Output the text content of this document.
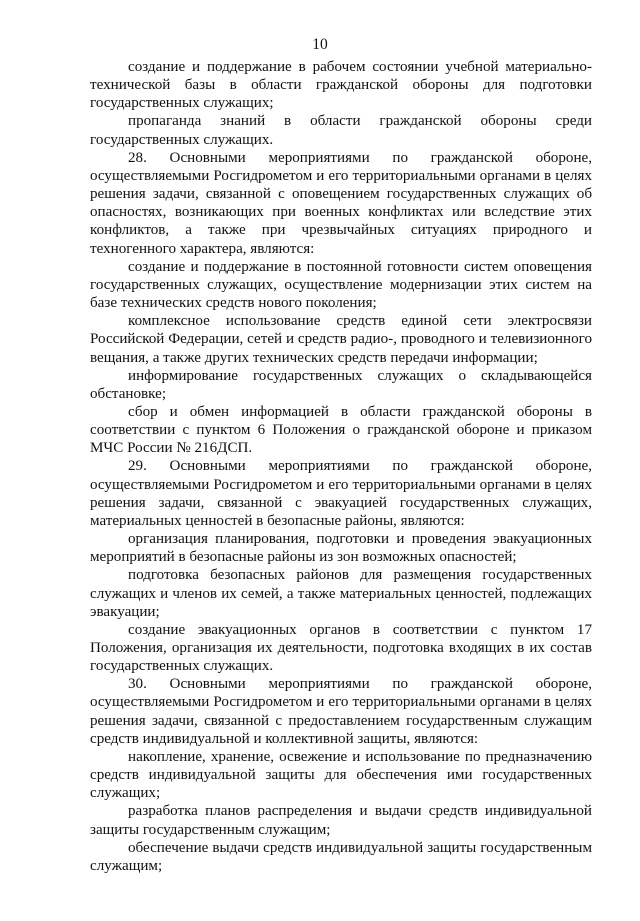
10

создание и поддержание в рабочем состоянии учебной материально-технической базы в области гражданской обороны для подготовки государственных служащих;

пропаганда знаний в области гражданской обороны среди государственных служащих.

28. Основными мероприятиями по гражданской обороне, осуществляемыми Росгидрометом и его территориальными органами в целях решения задачи, связанной с оповещением государственных служащих об опасностях, возникающих при военных конфликтах или вследствие этих конфликтов, а также при чрезвычайных ситуациях природного и техногенного характера, являются:

создание и поддержание в постоянной готовности систем оповещения государственных служащих, осуществление модернизации этих систем на базе технических средств нового поколения;

комплексное использование средств единой сети электросвязи Российской Федерации, сетей и средств радио-, проводного и телевизионного вещания, а также других технических средств передачи информации;

информирование государственных служащих о складывающейся обстановке;

сбор и обмен информацией в области гражданской обороны в соответствии с пунктом 6 Положения о гражданской обороне и приказом МЧС России № 216ДСП.

29. Основными мероприятиями по гражданской обороне, осуществляемыми Росгидрометом и его территориальными органами в целях решения задачи, связанной с эвакуацией государственных служащих, материальных ценностей в безопасные районы, являются:

организация планирования, подготовки и проведения эвакуационных мероприятий в безопасные районы из зон возможных опасностей;

подготовка безопасных районов для размещения государственных служащих и членов их семей, а также материальных ценностей, подлежащих эвакуации;

создание эвакуационных органов в соответствии с пунктом 17 Положения, организация их деятельности, подготовка входящих в их состав государственных служащих.

30. Основными мероприятиями по гражданской обороне, осуществляемыми Росгидрометом и его территориальными органами в целях решения задачи, связанной с предоставлением государственным служащим средств индивидуальной и коллективной защиты, являются:

накопление, хранение, освежение и использование по предназначению средств индивидуальной защиты для обеспечения ими государственных служащих;

разработка планов распределения и выдачи средств индивидуальной защиты государственным служащим;

обеспечение выдачи средств индивидуальной защиты государственным служащим;
